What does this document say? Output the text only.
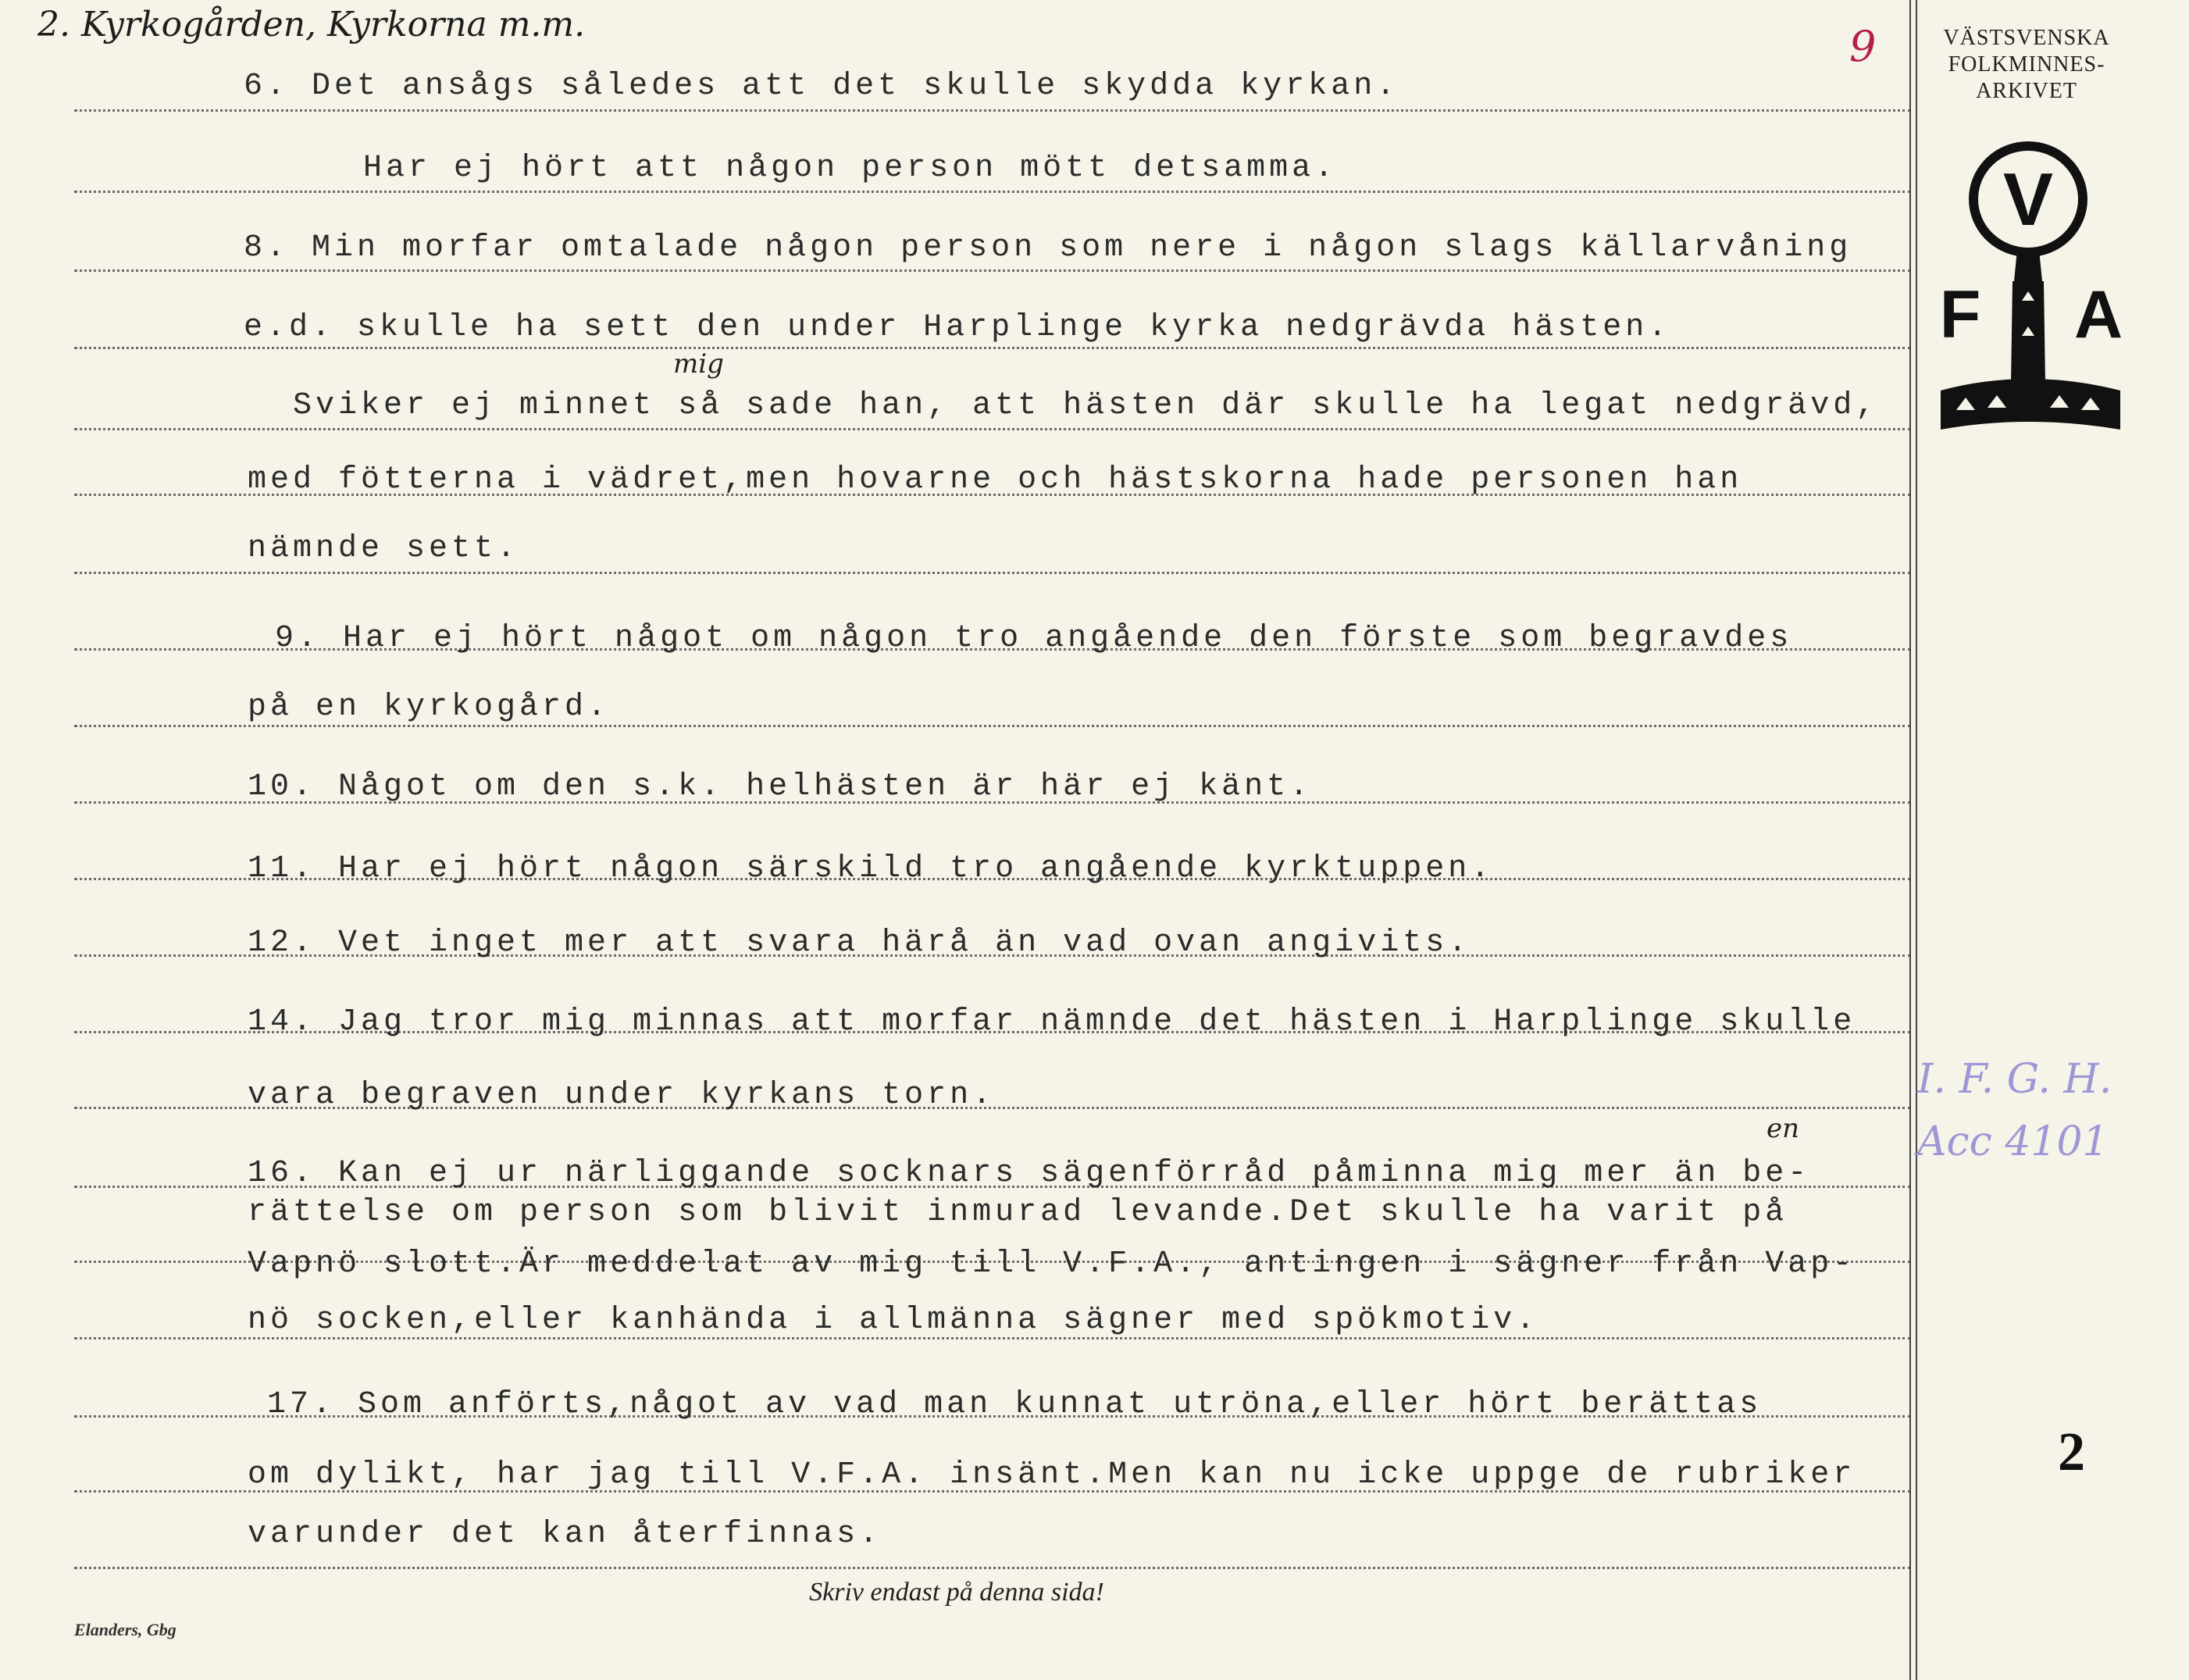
2. Kyrkogården, Kyrkorna m.m.	9
6. Det ansågs således att det skulle skydda kyrkan.
Har ej hört att någon person mött detsamma.
8. Min morfar omtalade någon person som nere i någon slags källarvåning
e.d. skulle ha sett den under Harplinge kyrka nedgrävda hästen.
Sviker ej minnet så sade han, att hästen där skulle ha legat nedgrävd,
med fötterna i vädret,men hovarne och hästskorna hade personen han
nämnde sett.
9. Har ej hört något om någon tro angående den förste som begravdes
på en kyrkogård.
10. Något om den s.k. helhästen är här ej känt.
11. Har ej hört någon särskild tro angående kyrktuppen.
12. Vet inget mer att svara härå än vad ovan angivits.
14. Jag tror mig minnas att morfar nämnde det hästen i Harplinge skulle
vara begraven under kyrkans torn.
16. Kan ej ur närliggande socknars sägenförråd påminna mig mer än be-
rättelse om person som blivit inmurad levande.Det skulle ha varit på
Vapnö slott.Är meddelat av mig till V.F.A., antingen i sägner från Vap-
nö socken,eller kanhända i allmänna sägner med spökmotiv.
17. Som anförts,något av vad man kunnat utröna,eller hört berättas
om dylikt, har jag till V.F.A. insänt.Men kan nu icke uppge de rubriker
varunder det kan återfinnas.
mig
en
VÄSTSVENSKA
FOLKMINNES-
ARKIVET
V
F A
I. F. G. H.
Acc 4101
2
Skriv endast på denna sida!
Elanders, Gbg
